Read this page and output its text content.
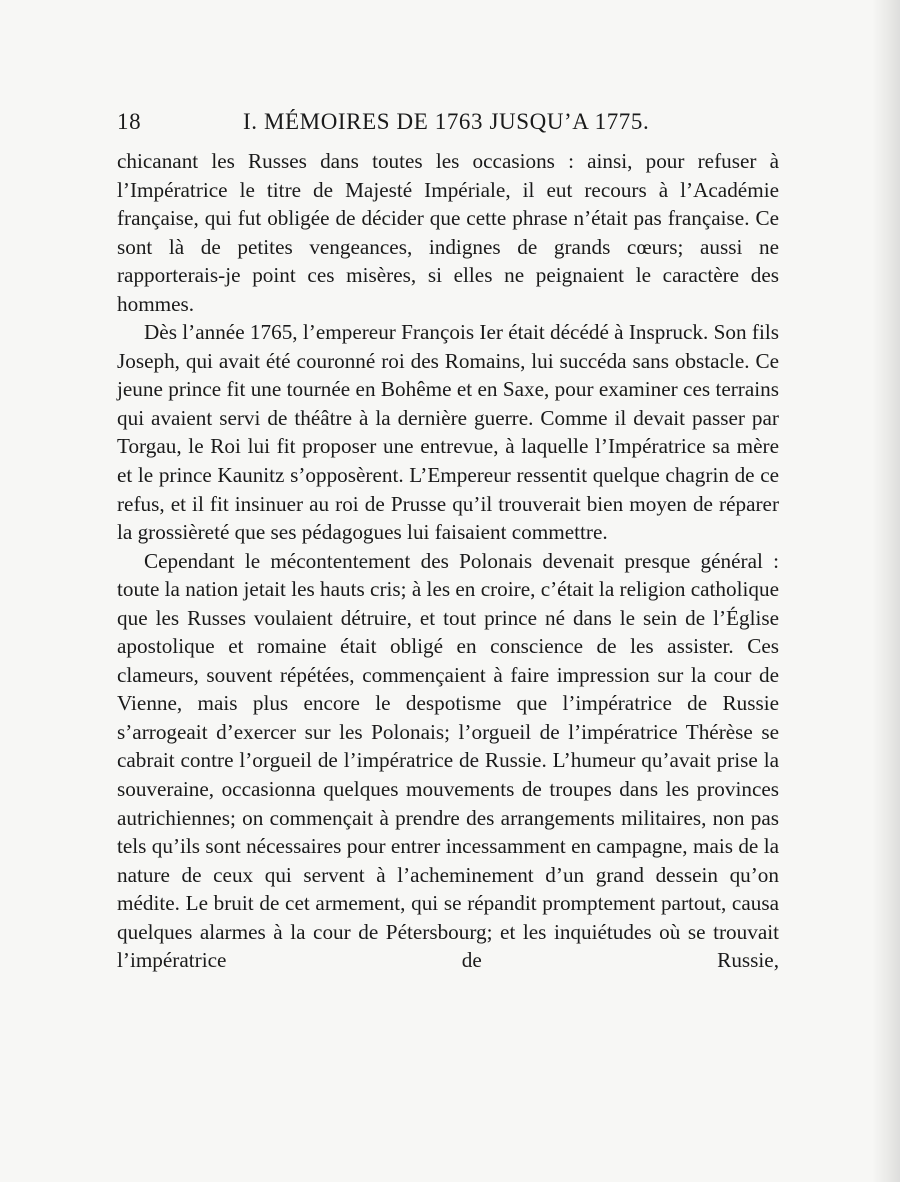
18	I. MÉMOIRES DE 1763 JUSQU’A 1775.

chicanant les Russes dans toutes les occasions : ainsi, pour refuser à l’Impératrice le titre de Majesté Impériale, il eut recours à l’Académie française, qui fut obligée de décider que cette phrase n’était pas française. Ce sont là de petites vengeances, indignes de grands cœurs; aussi ne rapporterais-je point ces misères, si elles ne peignaient le caractère des hommes.

Dès l’année 1765, l’empereur François Ier était décédé à Inspruck. Son fils Joseph, qui avait été couronné roi des Romains, lui succéda sans obstacle. Ce jeune prince fit une tournée en Bohême et en Saxe, pour examiner ces terrains qui avaient servi de théâtre à la dernière guerre. Comme il devait passer par Torgau, le Roi lui fit proposer une entrevue, à laquelle l’Impératrice sa mère et le prince Kaunitz s’opposèrent. L’Empereur ressentit quelque chagrin de ce refus, et il fit insinuer au roi de Prusse qu’il trouverait bien moyen de réparer la grossièreté que ses pédagogues lui faisaient commettre.

Cependant le mécontentement des Polonais devenait presque général : toute la nation jetait les hauts cris; à les en croire, c’était la religion catholique que les Russes voulaient détruire, et tout prince né dans le sein de l’Église apostolique et romaine était obligé en conscience de les assister. Ces clameurs, souvent répétées, commençaient à faire impression sur la cour de Vienne, mais plus encore le despotisme que l’impératrice de Russie s’arrogeait d’exercer sur les Polonais; l’orgueil de l’impératrice Thérèse se cabrait contre l’orgueil de l’impératrice de Russie. L’humeur qu’avait prise la souveraine, occasionna quelques mouvements de troupes dans les provinces autrichiennes; on commençait à prendre des arrangements militaires, non pas tels qu’ils sont nécessaires pour entrer incessamment en campagne, mais de la nature de ceux qui servent à l’acheminement d’un grand dessein qu’on médite. Le bruit de cet armement, qui se répandit promptement partout, causa quelques alarmes à la cour de Pétersbourg; et les inquiétudes où se trouvait l’impératrice de Russie,
